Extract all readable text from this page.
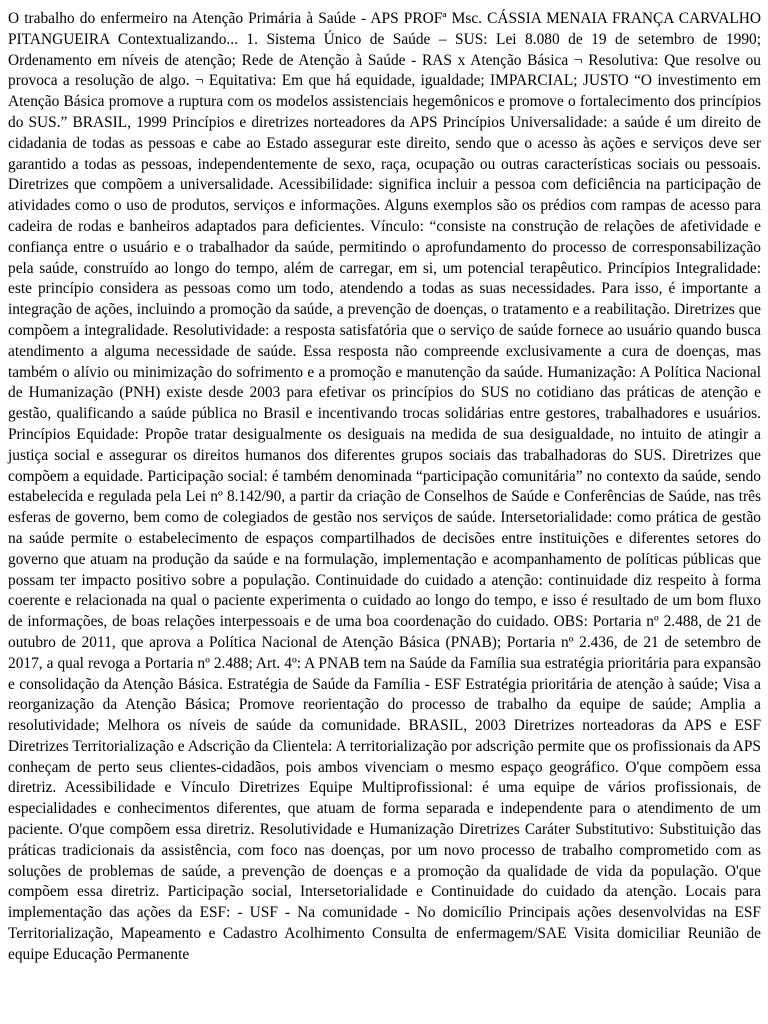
O trabalho do enfermeiro na Atenção Primária à Saúde - APS PROFª Msc. CÁSSIA MENAIA FRANÇA CARVALHO PITANGUEIRA Contextualizando... 1. Sistema Único de Saúde – SUS: Lei 8.080 de 19 de setembro de 1990; Ordenamento em níveis de atenção; Rede de Atenção à Saúde - RAS x Atenção Básica ¬ Resolutiva: Que resolve ou provoca a resolução de algo. ¬ Equitativa: Em que há equidade, igualdade; IMPARCIAL; JUSTO “O investimento em Atenção Básica promove a ruptura com os modelos assistenciais hegemônicos e promove o fortalecimento dos princípios do SUS.” BRASIL, 1999 Princípios e diretrizes norteadores da APS Princípios Universalidade: a saúde é um direito de cidadania de todas as pessoas e cabe ao Estado assegurar este direito, sendo que o acesso às ações e serviços deve ser garantido a todas as pessoas, independentemente de sexo, raça, ocupação ou outras características sociais ou pessoais. Diretrizes que compõem a universalidade. Acessibilidade: significa incluir a pessoa com deficiência na participação de atividades como o uso de produtos, serviços e informações. Alguns exemplos são os prédios com rampas de acesso para cadeira de rodas e banheiros adaptados para deficientes. Vínculo: “consiste na construção de relações de afetividade e confiança entre o usuário e o trabalhador da saúde, permitindo o aprofundamento do processo de corresponsabilização pela saúde, construído ao longo do tempo, além de carregar, em si, um potencial terapêutico. Princípios Integralidade: este princípio considera as pessoas como um todo, atendendo a todas as suas necessidades. Para isso, é importante a integração de ações, incluindo a promoção da saúde, a prevenção de doenças, o tratamento e a reabilitação. Diretrizes que compõem a integralidade. Resolutividade: a resposta satisfatória que o serviço de saúde fornece ao usuário quando busca atendimento a alguma necessidade de saúde. Essa resposta não compreende exclusivamente a cura de doenças, mas também o alívio ou minimização do sofrimento e a promoção e manutenção da saúde. Humanização: A Política Nacional de Humanização (PNH) existe desde 2003 para efetivar os princípios do SUS no cotidiano das práticas de atenção e gestão, qualificando a saúde pública no Brasil e incentivando trocas solidárias entre gestores, trabalhadores e usuários. Princípios Equidade: Propõe tratar desigualmente os desiguais na medida de sua desigualdade, no intuito de atingir a justiça social e assegurar os direitos humanos dos diferentes grupos sociais das trabalhadoras do SUS. Diretrizes que compõem a equidade. Participação social: é também denominada “participação comunitária” no contexto da saúde, sendo estabelecida e regulada pela Lei nº 8.142/90, a partir da criação de Conselhos de Saúde e Conferências de Saúde, nas três esferas de governo, bem como de colegiados de gestão nos serviços de saúde. Intersetorialidade: como prática de gestão na saúde permite o estabelecimento de espaços compartilhados de decisões entre instituições e diferentes setores do governo que atuam na produção da saúde e na formulação, implementação e acompanhamento de políticas públicas que possam ter impacto positivo sobre a população. Continuidade do cuidado a atenção: continuidade diz respeito à forma coerente e relacionada na qual o paciente experimenta o cuidado ao longo do tempo, e isso é resultado de um bom fluxo de informações, de boas relações interpessoais e de uma boa coordenação do cuidado. OBS: Portaria nº 2.488, de 21 de outubro de 2011, que aprova a Política Nacional de Atenção Básica (PNAB); Portaria nº 2.436, de 21 de setembro de 2017, a qual revoga a Portaria nº 2.488; Art. 4º: A PNAB tem na Saúde da Família sua estratégia prioritária para expansão e consolidação da Atenção Básica. Estratégia de Saúde da Família - ESF Estratégia prioritária de atenção à saúde; Visa a reorganização da Atenção Básica; Promove reorientação do processo de trabalho da equipe de saúde; Amplia a resolutividade; Melhora os níveis de saúde da comunidade. BRASIL, 2003 Diretrizes norteadoras da APS e ESF Diretrizes Territorialização e Adscrição da Clientela: A territorialização por adscrição permite que os profissionais da APS conheçam de perto seus clientes-cidadãos, pois ambos vivenciam o mesmo espaço geográfico. O'que compõem essa diretriz. Acessibilidade e Vínculo Diretrizes Equipe Multiprofissional: é uma equipe de vários profissionais, de especialidades e conhecimentos diferentes, que atuam de forma separada e independente para o atendimento de um paciente. O'que compõem essa diretriz. Resolutividade e Humanização Diretrizes Caráter Substitutivo: Substituição das práticas tradicionais da assistência, com foco nas doenças, por um novo processo de trabalho comprometido com as soluções de problemas de saúde, a prevenção de doenças e a promoção da qualidade de vida da população. O'que compõem essa diretriz. Participação social, Intersetorialidade e Continuidade do cuidado da atenção. Locais para implementação das ações da ESF: - USF - Na comunidade - No domicílio Principais ações desenvolvidas na ESF Territorialização, Mapeamento e Cadastro Acolhimento Consulta de enfermagem/SAE Visita domiciliar Reunião de equipe Educação Permanente
